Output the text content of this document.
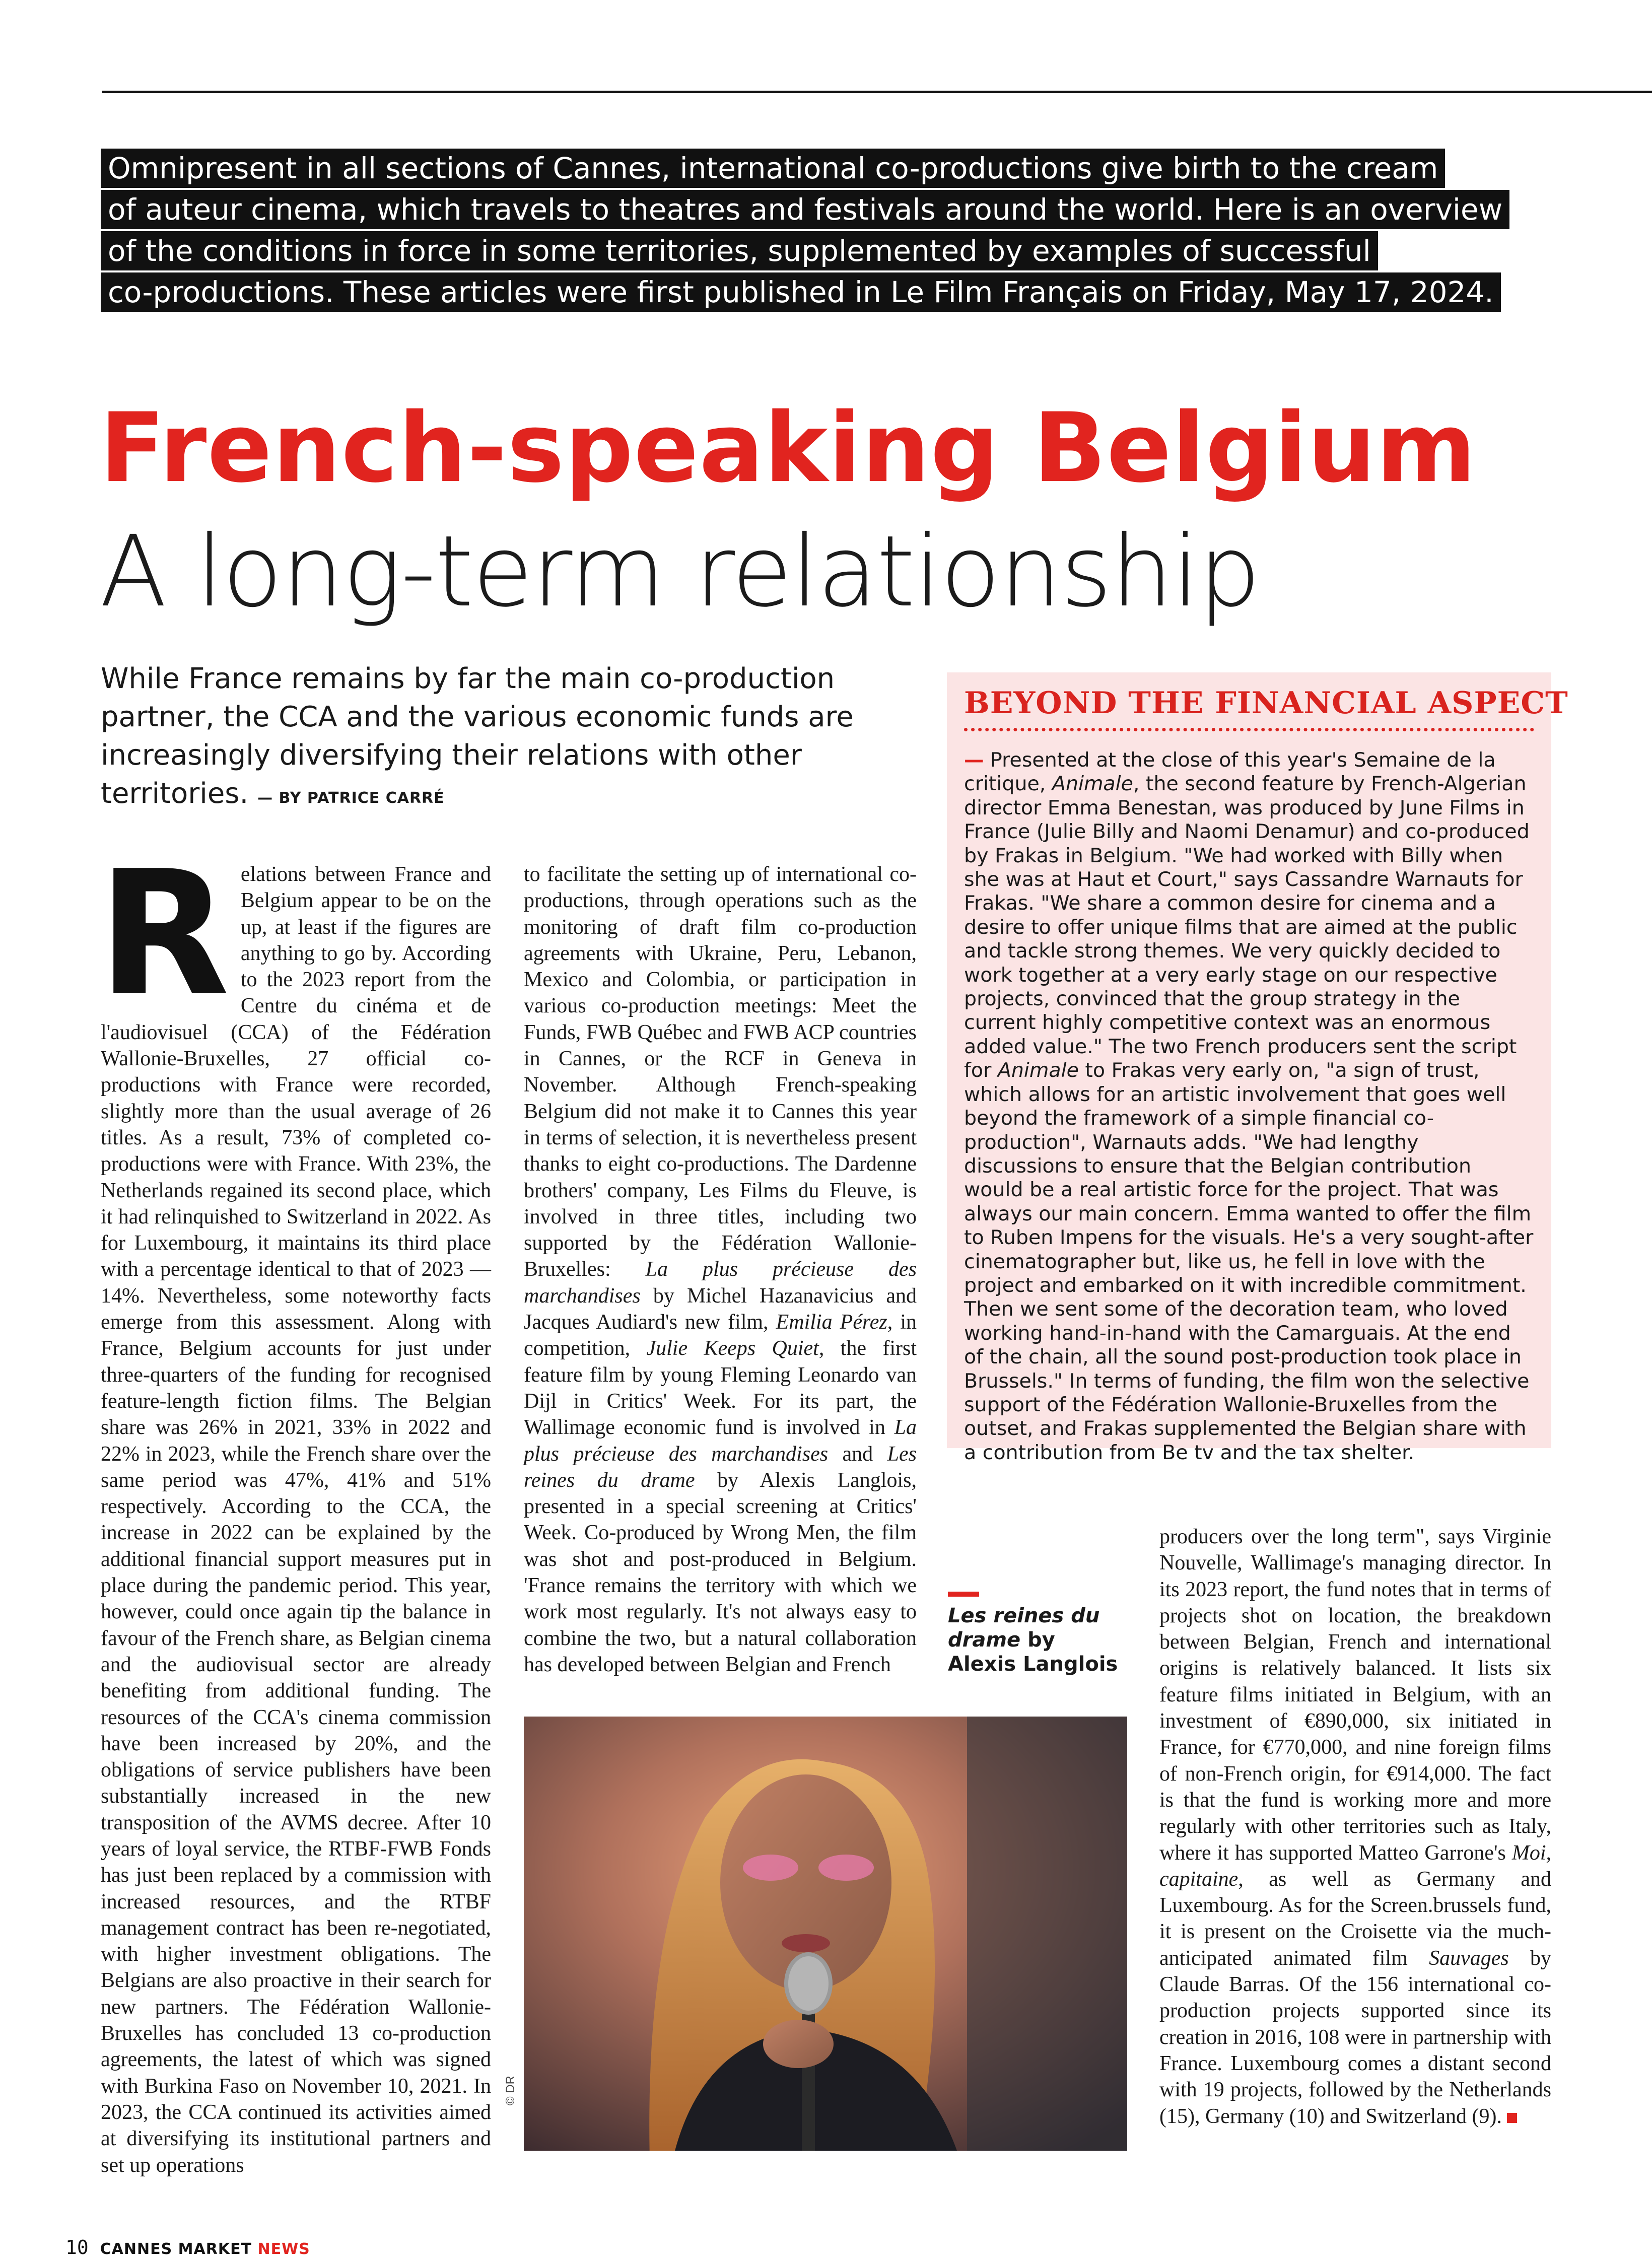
Omnipresent in all sections of Cannes, international co-productions give birth to the cream
of auteur cinema, which travels to theatres and festivals around the world. Here is an overview
of the conditions in force in some territories, supplemented by examples of successful
co-productions. These articles were first published in Le Film Français on Friday, May 17, 2024.
French-speaking Belgium
A long-term relationship

While France remains by far the main co-production partner, the CCA and the various economic funds are increasingly diversifying their relations with other territories. — BY PATRICE CARRÉ

BEYOND THE FINANCIAL ASPECT

— Presented at the close of this year's Semaine de la critique, Animale, the second feature by French-Algerian director Emma Benestan, was produced by June Films in France (Julie Billy and Naomi Denamur) and co-produced by Frakas in Belgium. "We had worked with Billy when she was at Haut et Court," says Cassandre Warnauts for Frakas. "We share a common desire for cinema and a desire to offer unique films that are aimed at the public and tackle strong themes. We very quickly decided to work together at a very early stage on our respective projects, convinced that the group strategy in the current highly competitive context was an enormous added value." The two French producers sent the script for Animale to Frakas very early on, "a sign of trust, which allows for an artistic involvement that goes well beyond the framework of a simple financial co-production", Warnauts adds. "We had lengthy discussions to ensure that the Belgian contribution would be a real artistic force for the project. That was always our main concern. Emma wanted to offer the film to Ruben Impens for the visuals. He's a very sought-after cinematographer but, like us, he fell in love with the project and embarked on it with incredible commitment. Then we sent some of the decoration team, who loved working hand-in-hand with the Camarguais. At the end of the chain, all the sound post-production took place in Brussels." In terms of funding, the film won the selective support of the Fédération Wallonie-Bruxelles from the outset, and Frakas supplemented the Belgian share with a contribution from Be tv and the tax shelter.

Relations between France and Belgium appear to be on the up, at least if the figures are anything to go by. According to the 2023 report from the Centre du cinéma et de l'audiovisuel (CCA) of the Fédération Wallonie-Bruxelles, 27 official co-productions with France were recorded, slightly more than the usual average of 26 titles. As a result, 73% of completed co-productions were with France. With 23%, the Netherlands regained its second place, which it had relinquished to Switzerland in 2022. As for Luxembourg, it maintains its third place with a percentage identical to that of 2023 — 14%. Nevertheless, some noteworthy facts emerge from this assessment. Along with France, Belgium accounts for just under three-quarters of the funding for recognised feature-length fiction films. The Belgian share was 26% in 2021, 33% in 2022 and 22% in 2023, while the French share over the same period was 47%, 41% and 51% respectively. According to the CCA, the increase in 2022 can be explained by the additional financial support measures put in place during the pandemic period. This year, however, could once again tip the balance in favour of the French share, as Belgian cinema and the audiovisual sector are already benefiting from additional funding. The resources of the CCA's cinema commission have been increased by 20%, and the obligations of service publishers have been substantially increased in the new transposition of the AVMS decree. After 10 years of loyal service, the RTBF-FWB Fonds has just been replaced by a commission with increased resources, and the RTBF management contract has been re-negotiated, with higher investment obligations. The Belgians are also proactive in their search for new partners. The Fédération Wallonie-Bruxelles has concluded 13 co-production agreements, the latest of which was signed with Burkina Faso on November 10, 2021. In 2023, the CCA continued its activities aimed at diversifying its institutional partners and set up operations
to facilitate the setting up of international co-productions, through operations such as the monitoring of draft film co-production agreements with Ukraine, Peru, Lebanon, Mexico and Colombia, or participation in various co-production meetings: Meet the Funds, FWB Québec and FWB ACP countries in Cannes, or the RCF in Geneva in November. Although French-speaking Belgium did not make it to Cannes this year in terms of selection, it is nevertheless present thanks to eight co-productions. The Dardenne brothers' company, Les Films du Fleuve, is involved in three titles, including two supported by the Fédération Wallonie-Bruxelles: La plus précieuse des marchandises by Michel Hazanavicius and Jacques Audiard's new film, Emilia Pérez, in competition, Julie Keeps Quiet, the first feature film by young Fleming Leonardo van Dijl in Critics' Week. For its part, the Wallimage economic fund is involved in La plus précieuse des marchandises and Les reines du drame by Alexis Langlois, presented in a special screening at Critics' Week. Co-produced by Wrong Men, the film was shot and post-produced in Belgium. 'France remains the territory with which we work most regularly. It's not always easy to combine the two, but a natural collaboration has developed between Belgian and French
Les reines du drame by Alexis Langlois
© DR
producers over the long term", says Virginie Nouvelle, Wallimage's managing director. In its 2023 report, the fund notes that in terms of projects shot on location, the breakdown between Belgian, French and international origins is relatively balanced. It lists six feature films initiated in Belgium, with an investment of €890,000, six initiated in France, for €770,000, and nine foreign films of non-French origin, for €914,000. The fact is that the fund is working more and more regularly with other territories such as Italy, where it has supported Matteo Garrone's Moi, capitaine, as well as Germany and Luxembourg. As for the Screen.brussels fund, it is present on the Croisette via the much-anticipated animated film Sauvages by Claude Barras. Of the 156 international co-production projects supported since its creation in 2016, 108 were in partnership with France. Luxembourg comes a distant second with 19 projects, followed by the Netherlands (15), Germany (10) and Switzerland (9).
10 CANNES MARKET NEWS
